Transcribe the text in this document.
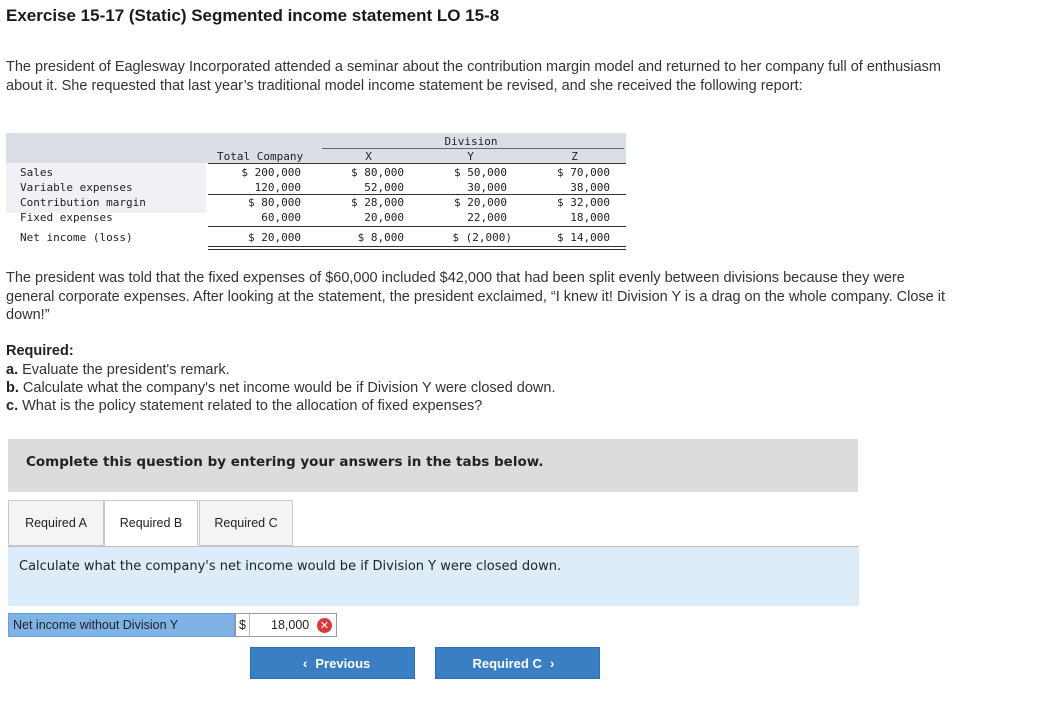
Exercise 15-17 (Static) Segmented income statement LO 15-8
The president of Eaglesway Incorporated attended a seminar about the contribution margin model and returned to her company full of enthusiasm about it. She requested that last year’s traditional model income statement be revised, and she received the following report:
Division
Total Company	X	Y	Z
Sales	$ 200,000	$ 80,000	$ 50,000	$ 70,000
Variable expenses	120,000	52,000	30,000	38,000
Contribution margin	$ 80,000	$ 28,000	$ 20,000	$ 32,000
Fixed expenses	60,000	20,000	22,000	18,000
Net income (loss)	$ 20,000	$ 8,000	$ (2,000)	$ 14,000
The president was told that the fixed expenses of $60,000 included $42,000 that had been split evenly between divisions because they were general corporate expenses. After looking at the statement, the president exclaimed, “I knew it! Division Y is a drag on the whole company. Close it down!”
Required:
a. Evaluate the president's remark.
b. Calculate what the company's net income would be if Division Y were closed down.
c. What is the policy statement related to the allocation of fixed expenses?
Complete this question by entering your answers in the tabs below.
Required A	Required B	Required C
Calculate what the company's net income would be if Division Y were closed down.
Net income without Division Y	$ 18,000 ✕
‹ Previous	Required C ›
